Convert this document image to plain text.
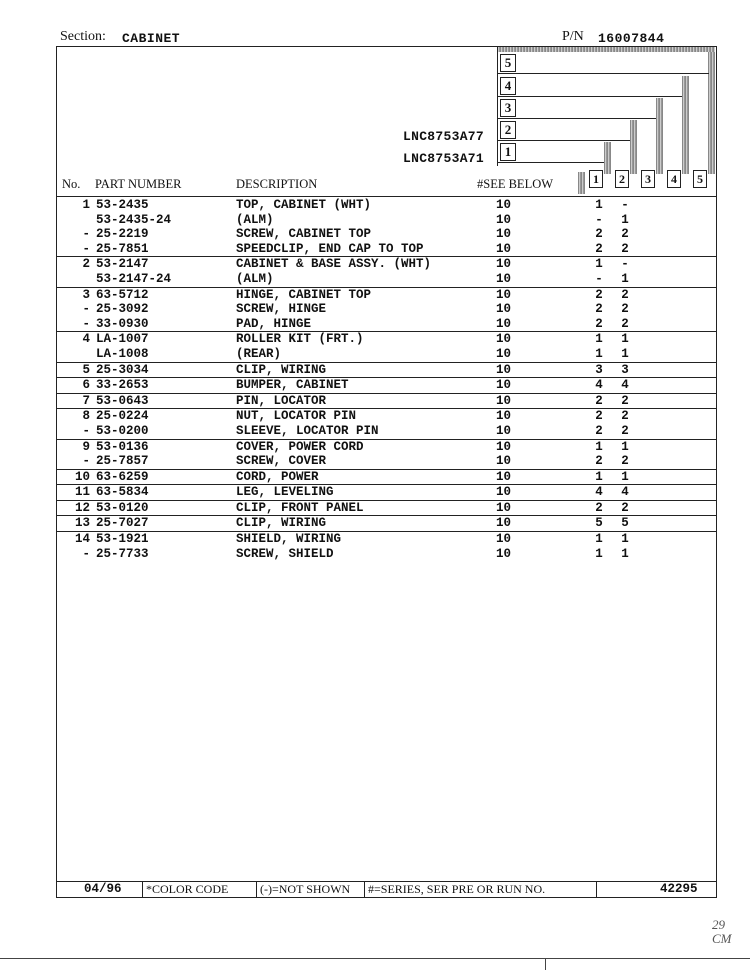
Section: CABINET	P/N 16007844
5
4
3
2
1
LNC8753A77
LNC8753A71
1	2	3	4	5
No. PART NUMBER	DESCRIPTION	#SEE BELOW
1 53-2435	TOP, CABINET (WHT)	10	1 -
53-2435-24	(ALM)	10	- 1
- 25-2219	SCREW, CABINET TOP	10	2 2
- 25-7851	SPEEDCLIP, END CAP TO TOP	10	2 2
2 53-2147	CABINET & BASE ASSY. (WHT)	10	1 -
53-2147-24	(ALM)	10	- 1
3 63-5712	HINGE, CABINET TOP	10	2 2
- 25-3092	SCREW, HINGE	10	2 2
- 33-0930	PAD, HINGE	10	2 2
4 LA-1007	ROLLER KIT (FRT.)	10	1 1
LA-1008	(REAR)	10	1 1
5 25-3034	CLIP, WIRING	10	3 3
6 33-2653	BUMPER, CABINET	10	4 4
7 53-0643	PIN, LOCATOR	10	2 2
8 25-0224	NUT, LOCATOR PIN	10	2 2
- 53-0200	SLEEVE, LOCATOR PIN	10	2 2
9 53-0136	COVER, POWER CORD	10	1 1
- 25-7857	SCREW, COVER	10	2 2
10 63-6259	CORD, POWER	10	1 1
11 63-5834	LEG, LEVELING	10	4 4
12 53-0120	CLIP, FRONT PANEL	10	2 2
13 25-7027	CLIP, WIRING	10	5 5
14 53-1921	SHIELD, WIRING	10	1 1
- 25-7733	SCREW, SHIELD	10	1 1
04/96 *COLOR CODE	(-)=NOT SHOWN #=SERIES, SER PRE OR RUN NO.	42295
29
CM
